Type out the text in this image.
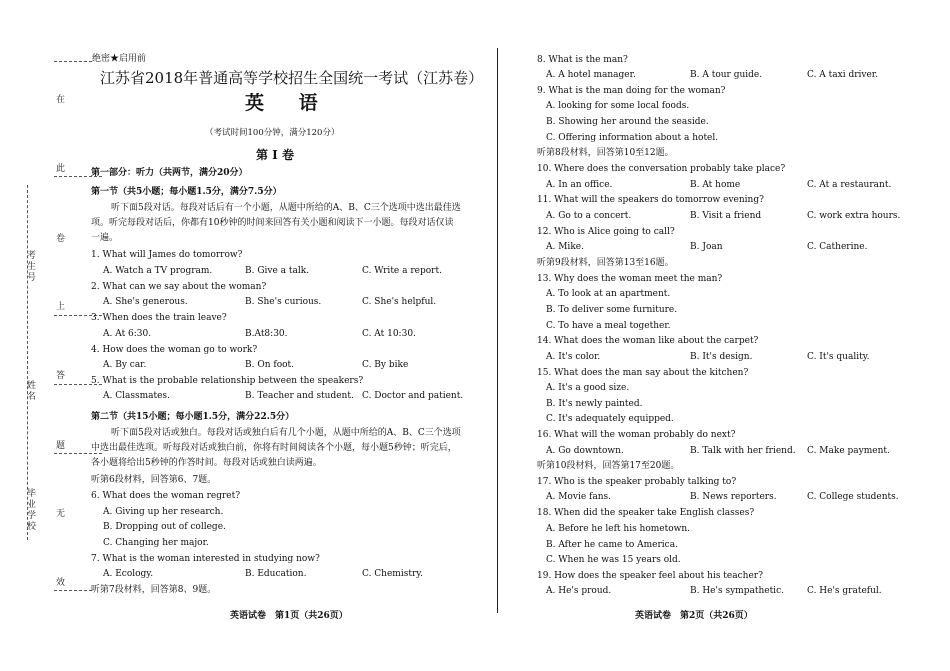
在
此
卷
上
答
题
无
效
考生号
姓名
毕业学校
绝密★启用前
江苏省2018年普通高等学校招生全国统一考试（江苏卷）
英 语
（考试时间100分钟，满分120分）
第 I 卷
第一部分：听力（共两节，满分20分）
第一节（共5小题；每小题1.5分，满分7.5分）
听下面5段对话。每段对话后有一个小题，从题中所给的A、B、C三个选项中选出最佳选项。听完每段对话后，你都有10秒钟的时间来回答有关小题和阅读下一小题。每段对话仅读一遍。
1. What will James do tomorrow?
A. Watch a TV program.	B. Give a talk.	C. Write a report.
2. What can we say about the woman?
A. She's generous.	B. She's curious.	C. She's helpful.
3. When does the train leave?
A. At 6:30.	B.At8:30.	C. At 10:30.
4. How does the woman go to work?
A. By car.	B. On foot.	C. By bike
5. What is the probable relationship between the speakers?
A. Classmates.	B. Teacher and student. C. Doctor and patient.
第二节（共15小题；每小题1.5分，满分22.5分）
听下面5段对话或独白。每段对话或独白后有几个小题，从题中所给的A、B、C三个选项中选出最佳选项。听每段对话或独白前，你将有时间阅读各个小题，每小题5秒钟；听完后，各小题将给出5秒钟的作答时间。每段对话或独白读两遍。
听第6段材料，回答第6、7题。
6. What does the woman regret?
A. Giving up her research.
B. Dropping out of college.
C. Changing her major.
7. What is the woman interested in studying now?
A. Ecology.	B. Education.	C. Chemistry.
听第7段材料，回答第8、9题。
英语试卷　第1页（共26页）
8. What is the man?
A. A hotel manager.	B. A tour guide.	C. A taxi driver.
9. What is the man doing for the woman?
A. looking for some local foods.
B. Showing her around the seaside.
C. Offering information about a hotel.
听第8段材料，回答第10至12题。
10. Where does the conversation probably take place?
A. In an office.	B. At home	C. At a restaurant.
11. What will the speakers do tomorrow evening?
A. Go to a concert.	B. Visit a friend	C. work extra hours.
12. Who is Alice going to call?
A. Mike.	B. Joan	C. Catherine.
听第9段材料，回答第13至16题。
13. Why does the woman meet the man?
A. To look at an apartment.
B. To deliver some furniture.
C. To have a meal together.
14. What does the woman like about the carpet?
A. It's color.	B. It's design.	C. It's quality.
15. What does the man say about the kitchen?
A. It's a good size.
B. It's newly painted.
C. It's adequately equipped.
16. What will the woman probably do next?
A. Go downtown.	B. Talk with her friend. C. Make payment.
听第10段材料，回答第17至20题。
17. Who is the speaker probably talking to?
A. Movie fans.	B. News reporters.	C. College students.
18. When did the speaker take English classes?
A. Before he left his hometown.
B. After he came to America.
C. When he was 15 years old.
19. How does the speaker feel about his teacher?
A. He's proud.	B. He's sympathetic.	C. He's grateful.
英语试卷　第2页（共26页）
